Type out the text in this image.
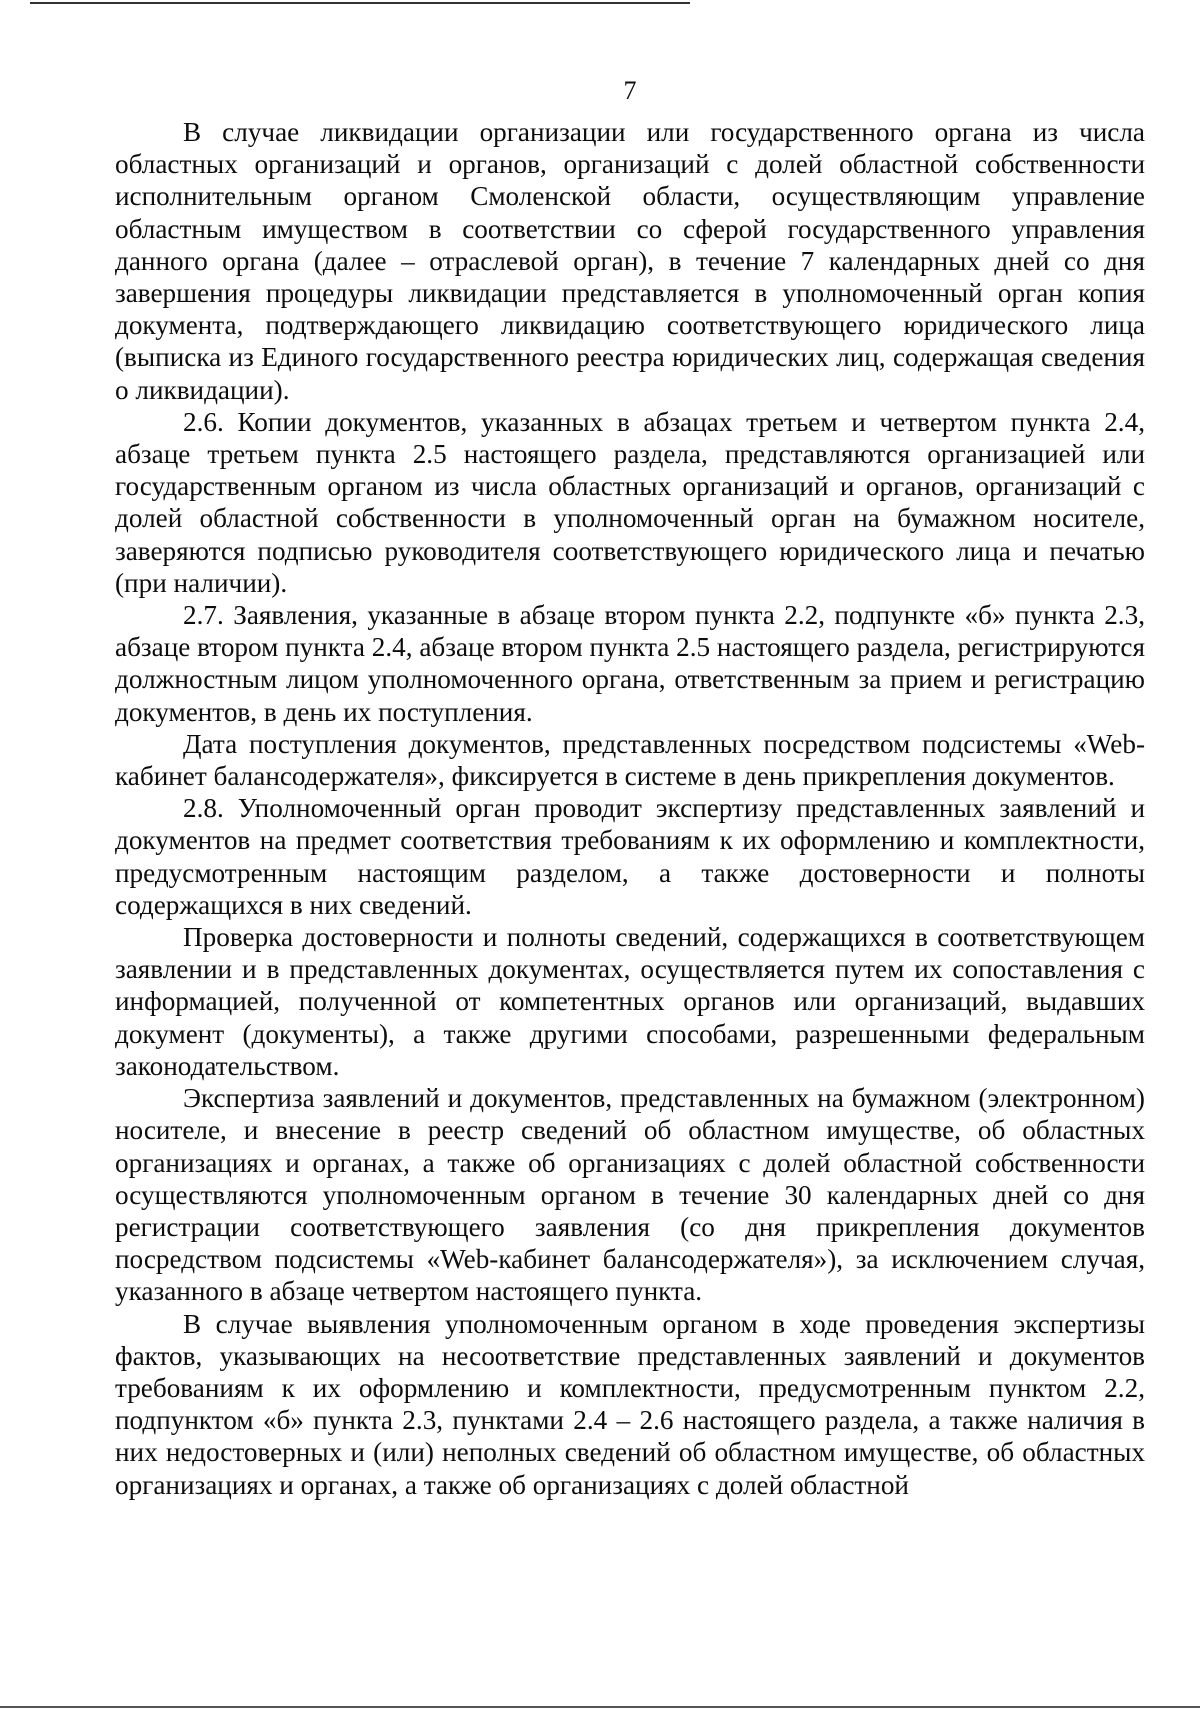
7

В случае ликвидации организации или государственного органа из числа областных организаций и органов, организаций с долей областной собственности исполнительным органом Смоленской области, осуществляющим управление областным имуществом в соответствии со сферой государственного управления данного органа (далее – отраслевой орган), в течение 7 календарных дней со дня завершения процедуры ликвидации представляется в уполномоченный орган копия документа, подтверждающего ликвидацию соответствующего юридического лица (выписка из Единого государственного реестра юридических лиц, содержащая сведения о ликвидации).

2.6. Копии документов, указанных в абзацах третьем и четвертом пункта 2.4, абзаце третьем пункта 2.5 настоящего раздела, представляются организацией или государственным органом из числа областных организаций и органов, организаций с долей областной собственности в уполномоченный орган на бумажном носителе, заверяются подписью руководителя соответствующего юридического лица и печатью (при наличии).

2.7. Заявления, указанные в абзаце втором пункта 2.2, подпункте «б» пункта 2.3, абзаце втором пункта 2.4, абзаце втором пункта 2.5 настоящего раздела, регистрируются должностным лицом уполномоченного органа, ответственным за прием и регистрацию документов, в день их поступления.

Дата поступления документов, представленных посредством подсистемы «Web-кабинет балансодержателя», фиксируется в системе в день прикрепления документов.

2.8. Уполномоченный орган проводит экспертизу представленных заявлений и документов на предмет соответствия требованиям к их оформлению и комплектности, предусмотренным настоящим разделом, а также достоверности и полноты содержащихся в них сведений.

Проверка достоверности и полноты сведений, содержащихся в соответствующем заявлении и в представленных документах, осуществляется путем их сопоставления с информацией, полученной от компетентных органов или организаций, выдавших документ (документы), а также другими способами, разрешенными федеральным законодательством.

Экспертиза заявлений и документов, представленных на бумажном (электронном) носителе, и внесение в реестр сведений об областном имуществе, об областных организациях и органах, а также об организациях с долей областной собственности осуществляются уполномоченным органом в течение 30 календарных дней со дня регистрации соответствующего заявления (со дня прикрепления документов посредством подсистемы «Web-кабинет балансодержателя»), за исключением случая, указанного в абзаце четвертом настоящего пункта.

В случае выявления уполномоченным органом в ходе проведения экспертизы фактов, указывающих на несоответствие представленных заявлений и документов требованиям к их оформлению и комплектности, предусмотренным пунктом 2.2, подпунктом «б» пункта 2.3, пунктами 2.4 – 2.6 настоящего раздела, а также наличия в них недостоверных и (или) неполных сведений об областном имуществе, об областных организациях и органах, а также об организациях с долей областной
